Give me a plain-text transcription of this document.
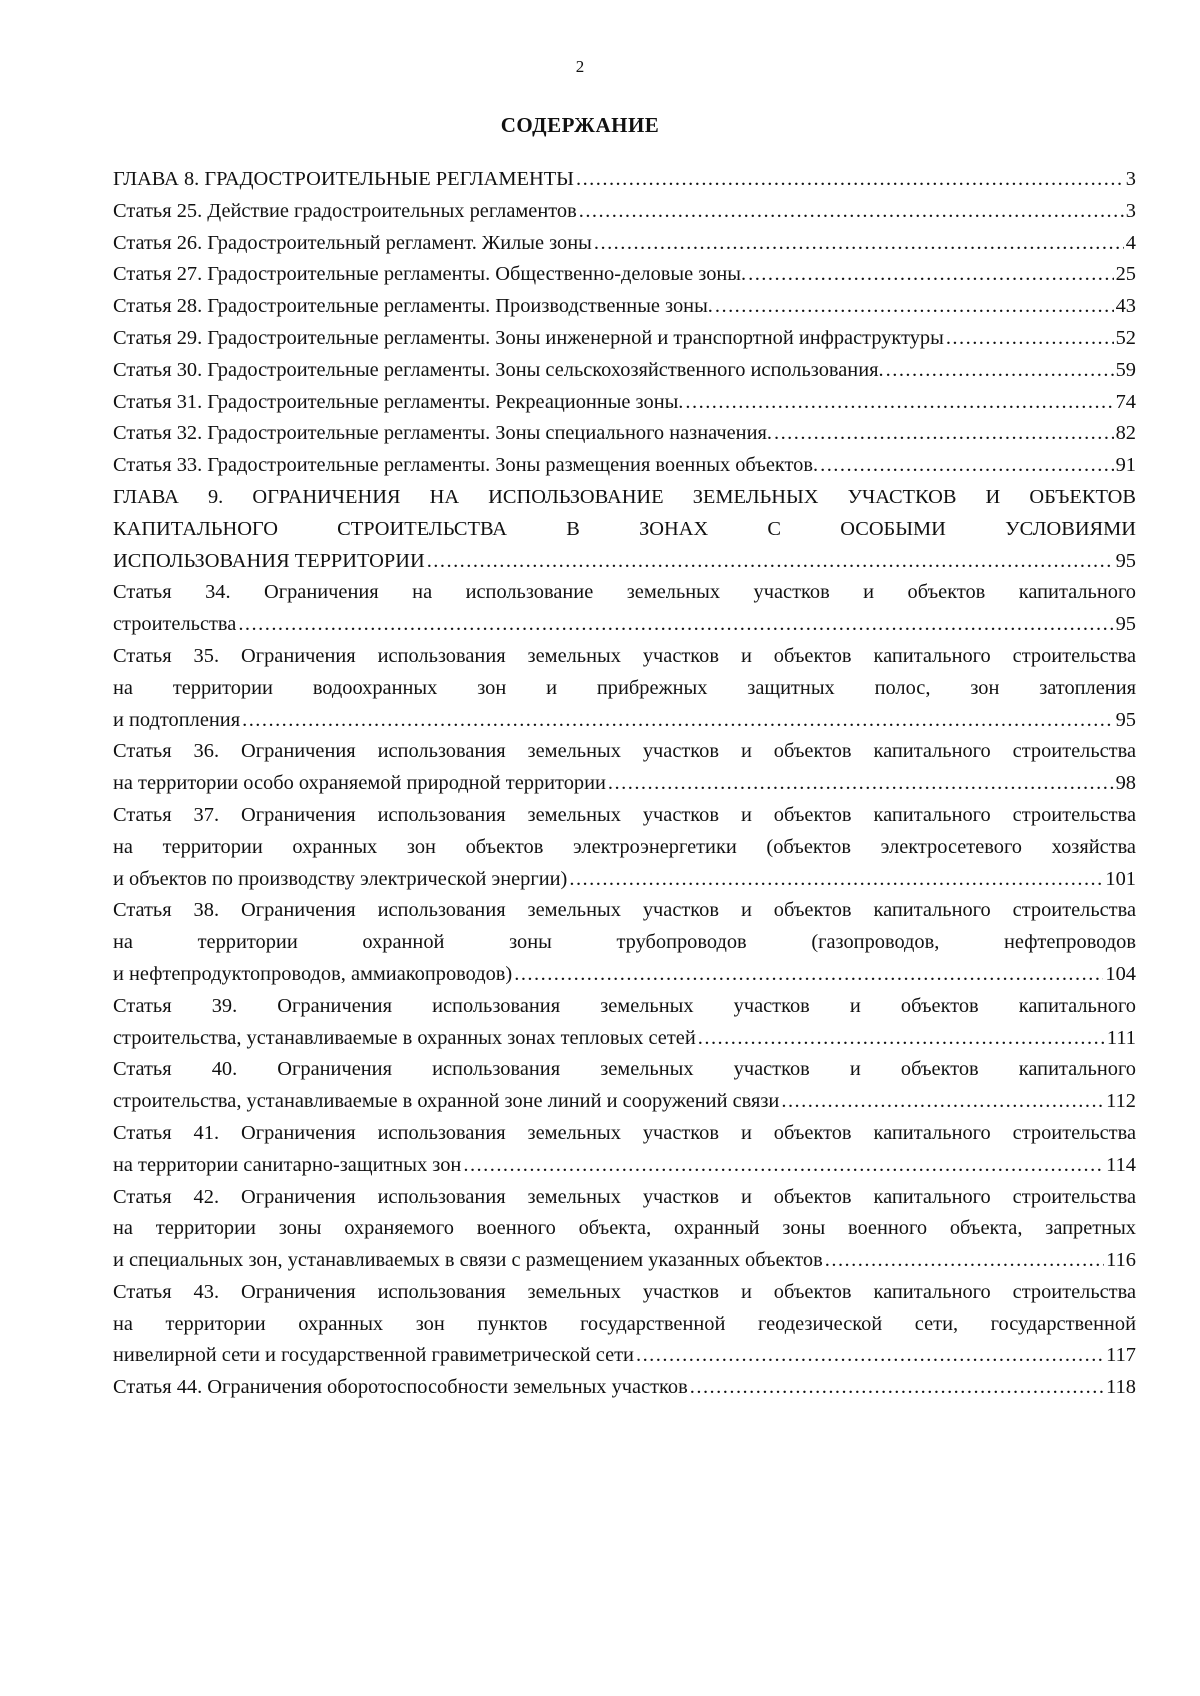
2
СОДЕРЖАНИЕ
ГЛАВА 8. ГРАДОСТРОИТЕЛЬНЫЕ РЕГЛАМЕНТЫ .....	3
Статья 25. Действие градостроительных регламентов .....	3
Статья 26. Градостроительный регламент. Жилые зоны .....	4
Статья 27. Градостроительные регламенты. Общественно-деловые зоны. .....	25
Статья 28. Градостроительные регламенты. Производственные зоны. .....	43
Статья 29. Градостроительные регламенты. Зоны инженерной и транспортной инфраструктуры .....	52
Статья 30. Градостроительные регламенты. Зоны сельскохозяйственного использования. .....	59
Статья 31. Градостроительные регламенты. Рекреационные зоны. .....	74
Статья 32. Градостроительные регламенты. Зоны специального назначения. .....	82
Статья 33. Градостроительные регламенты. Зоны размещения военных объектов. .....	91
ГЛАВА 9. ОГРАНИЧЕНИЯ НА ИСПОЛЬЗОВАНИЕ ЗЕМЕЛЬНЫХ УЧАСТКОВ И ОБЪЕКТОВ
КАПИТАЛЬНОГО СТРОИТЕЛЬСТВА В ЗОНАХ С ОСОБЫМИ УСЛОВИЯМИ
ИСПОЛЬЗОВАНИЯ ТЕРРИТОРИИ .....	95
Статья 34. Ограничения на использование земельных участков и объектов капитального
строительства .....	95
Статья 35. Ограничения использования земельных участков и объектов капитального строительства
на территории водоохранных зон и прибрежных защитных полос, зон затопления
и подтопления .....	95
Статья 36. Ограничения использования земельных участков и объектов капитального строительства
на территории особо охраняемой природной территории .....	98
Статья 37. Ограничения использования земельных участков и объектов капитального строительства
на территории охранных зон объектов электроэнергетики (объектов электросетевого хозяйства
и объектов по производству электрической энергии) .....	101
Статья 38. Ограничения использования земельных участков и объектов капитального строительства
на территории охранной зоны трубопроводов (газопроводов, нефтепроводов
и нефтепродуктопроводов, аммиакопроводов) .....	104
Статья 39. Ограничения использования земельных участков и объектов капитального
строительства, устанавливаемые в охранных зонах тепловых сетей .....	111
Статья 40. Ограничения использования земельных участков и объектов капитального
строительства, устанавливаемые в охранной зоне линий и сооружений связи .....	112
Статья 41. Ограничения использования земельных участков и объектов капитального строительства
на территории санитарно-защитных зон .....	114
Статья 42. Ограничения использования земельных участков и объектов капитального строительства
на территории зоны охраняемого военного объекта, охранный зоны военного объекта, запретных
и специальных зон, устанавливаемых в связи с размещением указанных объектов .....	116
Статья 43. Ограничения использования земельных участков и объектов капитального строительства
на территории охранных зон пунктов государственной геодезической сети, государственной
нивелирной сети и государственной гравиметрической сети .....	117
Статья 44. Ограничения оборотоспособности земельных участков .....	118
